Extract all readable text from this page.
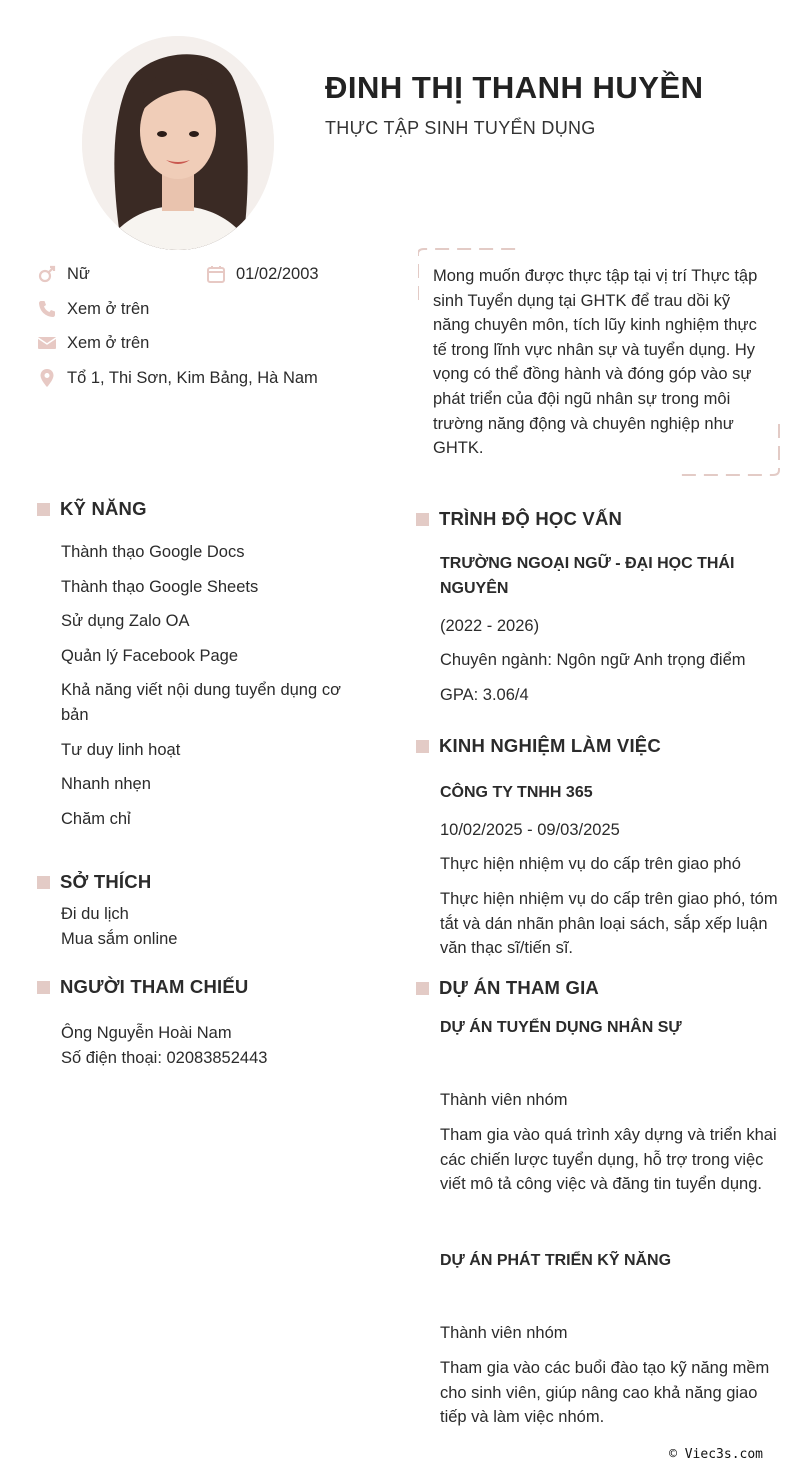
ĐINH THỊ THANH HUYỀN
THỰC TẬP SINH TUYỂN DỤNG
Nữ	01/02/2003
Xem ở trên
Xem ở trên
Tổ 1, Thi Sơn, Kim Bảng, Hà Nam
Mong muốn được thực tập tại vị trí Thực tập sinh Tuyển dụng tại GHTK để trau dồi kỹ năng chuyên môn, tích lũy kinh nghiệm thực tế trong lĩnh vực nhân sự và tuyển dụng. Hy vọng có thể đồng hành và đóng góp vào sự phát triển của đội ngũ nhân sự trong môi trường năng động và chuyên nghiệp như GHTK.
KỸ NĂNG
Thành thạo Google Docs
Thành thạo Google Sheets
Sử dụng Zalo OA
Quản lý Facebook Page
Khả năng viết nội dung tuyển dụng cơ bản
Tư duy linh hoạt
Nhanh nhẹn
Chăm chỉ
SỞ THÍCH
Đi du lịch
Mua sắm online
NGƯỜI THAM CHIẾU
Ông Nguyễn Hoài Nam
Số điện thoại: 02083852443
TRÌNH ĐỘ HỌC VẤN
TRƯỜNG NGOẠI NGỮ - ĐẠI HỌC THÁI NGUYÊN
(2022 - 2026)
Chuyên ngành: Ngôn ngữ Anh trọng điểm
GPA: 3.06/4
KINH NGHIỆM LÀM VIỆC
CÔNG TY TNHH 365
10/02/2025 - 09/03/2025
Thực hiện nhiệm vụ do cấp trên giao phó
Thực hiện nhiệm vụ do cấp trên giao phó, tóm tắt và dán nhãn phân loại sách, sắp xếp luận văn thạc sĩ/tiến sĩ.
DỰ ÁN THAM GIA
DỰ ÁN TUYỂN DỤNG NHÂN SỰ
Thành viên nhóm
Tham gia vào quá trình xây dựng và triển khai các chiến lược tuyển dụng, hỗ trợ trong việc viết mô tả công việc và đăng tin tuyển dụng.
DỰ ÁN PHÁT TRIỂN KỸ NĂNG
Thành viên nhóm
Tham gia vào các buổi đào tạo kỹ năng mềm cho sinh viên, giúp nâng cao khả năng giao tiếp và làm việc nhóm.
© Viec3s.com
